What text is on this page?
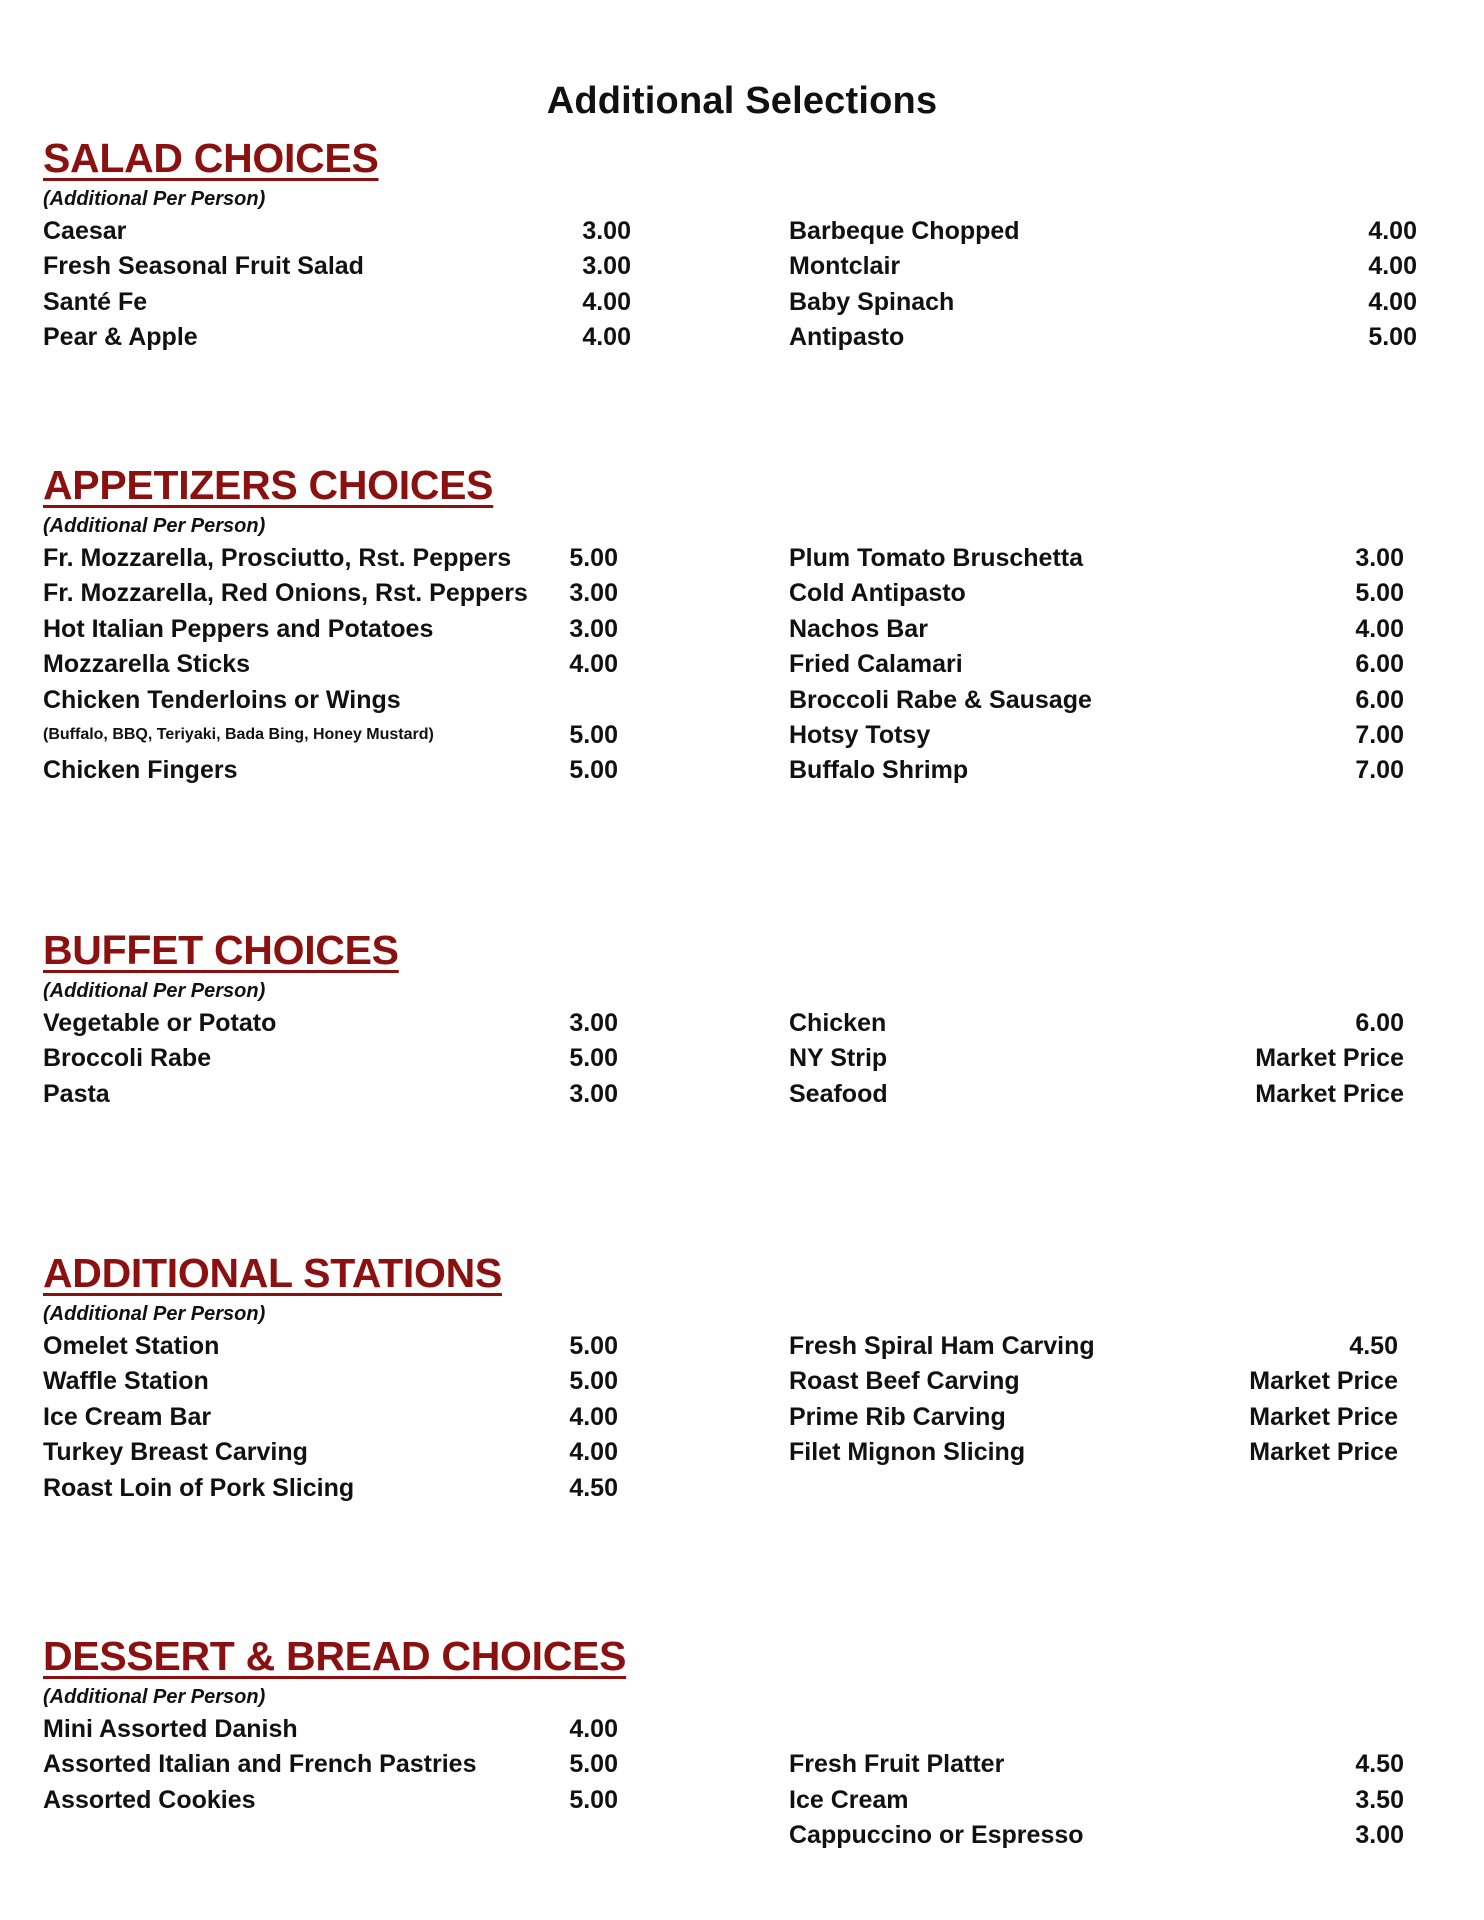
Additional Selections
SALAD CHOICES
(Additional Per Person)
Caesar	3.00
Fresh Seasonal Fruit Salad	3.00
Santé Fe	4.00
Pear & Apple	4.00
Barbeque Chopped	4.00
Montclair	4.00
Baby Spinach	4.00
Antipasto	5.00
APPETIZERS CHOICES
(Additional Per Person)
Fr. Mozzarella, Prosciutto, Rst. Peppers 5.00
Fr. Mozzarella, Red Onions, Rst. Peppers 3.00
Hot Italian Peppers and Potatoes	3.00
Mozzarella Sticks	4.00
Chicken Tenderloins or Wings
(Buffalo, BBQ, Teriyaki, Bada Bing, Honey Mustard)	5.00
Chicken Fingers	5.00
Plum Tomato Bruschetta	3.00
Cold Antipasto	5.00
Nachos Bar	4.00
Fried Calamari	6.00
Broccoli Rabe & Sausage	6.00
Hotsy Totsy	7.00
Buffalo Shrimp	7.00
BUFFET CHOICES
(Additional Per Person)
Vegetable or Potato	3.00
Broccoli Rabe	5.00
Pasta	3.00
Chicken	6.00
NY Strip	Market Price
Seafood	Market Price
ADDITIONAL STATIONS
(Additional Per Person)
Omelet Station	5.00
Waffle Station	5.00
Ice Cream Bar	4.00
Turkey Breast Carving	4.00
Roast Loin of Pork Slicing	4.50
Fresh Spiral Ham Carving	4.50
Roast Beef Carving	Market Price
Prime Rib Carving	Market Price
Filet Mignon Slicing	Market Price
DESSERT & BREAD CHOICES
(Additional Per Person)
Mini Assorted Danish	4.00
Assorted Italian and French Pastries	5.00
Assorted Cookies	5.00
Fresh Fruit Platter	4.50
Ice Cream	3.50
Cappuccino or Espresso	3.00
